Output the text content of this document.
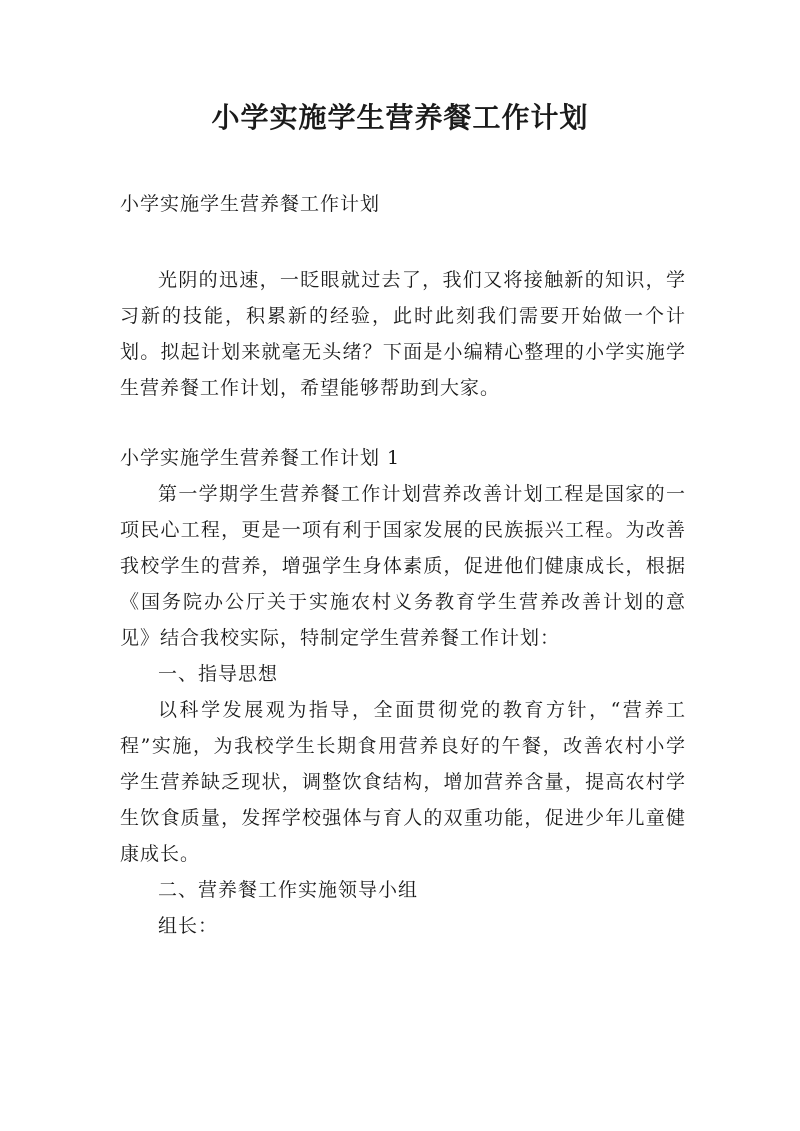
小学实施学生营养餐工作计划

小学实施学生营养餐工作计划

光阴的迅速，一眨眼就过去了，我们又将接触新的知识，学习新的技能，积累新的经验，此时此刻我们需要开始做一个计划。拟起计划来就毫无头绪？下面是小编精心整理的小学实施学生营养餐工作计划，希望能够帮助到大家。

小学实施学生营养餐工作计划 1

第一学期学生营养餐工作计划营养改善计划工程是国家的一项民心工程，更是一项有利于国家发展的民族振兴工程。为改善我校学生的营养，增强学生身体素质，促进他们健康成长，根据《国务院办公厅关于实施农村义务教育学生营养改善计划的意见》结合我校实际，特制定学生营养餐工作计划：

一、指导思想

以科学发展观为指导，全面贯彻党的教育方针，“营养工程”实施，为我校学生长期食用营养良好的午餐，改善农村小学学生营养缺乏现状，调整饮食结构，增加营养含量，提高农村学生饮食质量，发挥学校强体与育人的双重功能，促进少年儿童健康成长。

二、营养餐工作实施领导小组

组长：
